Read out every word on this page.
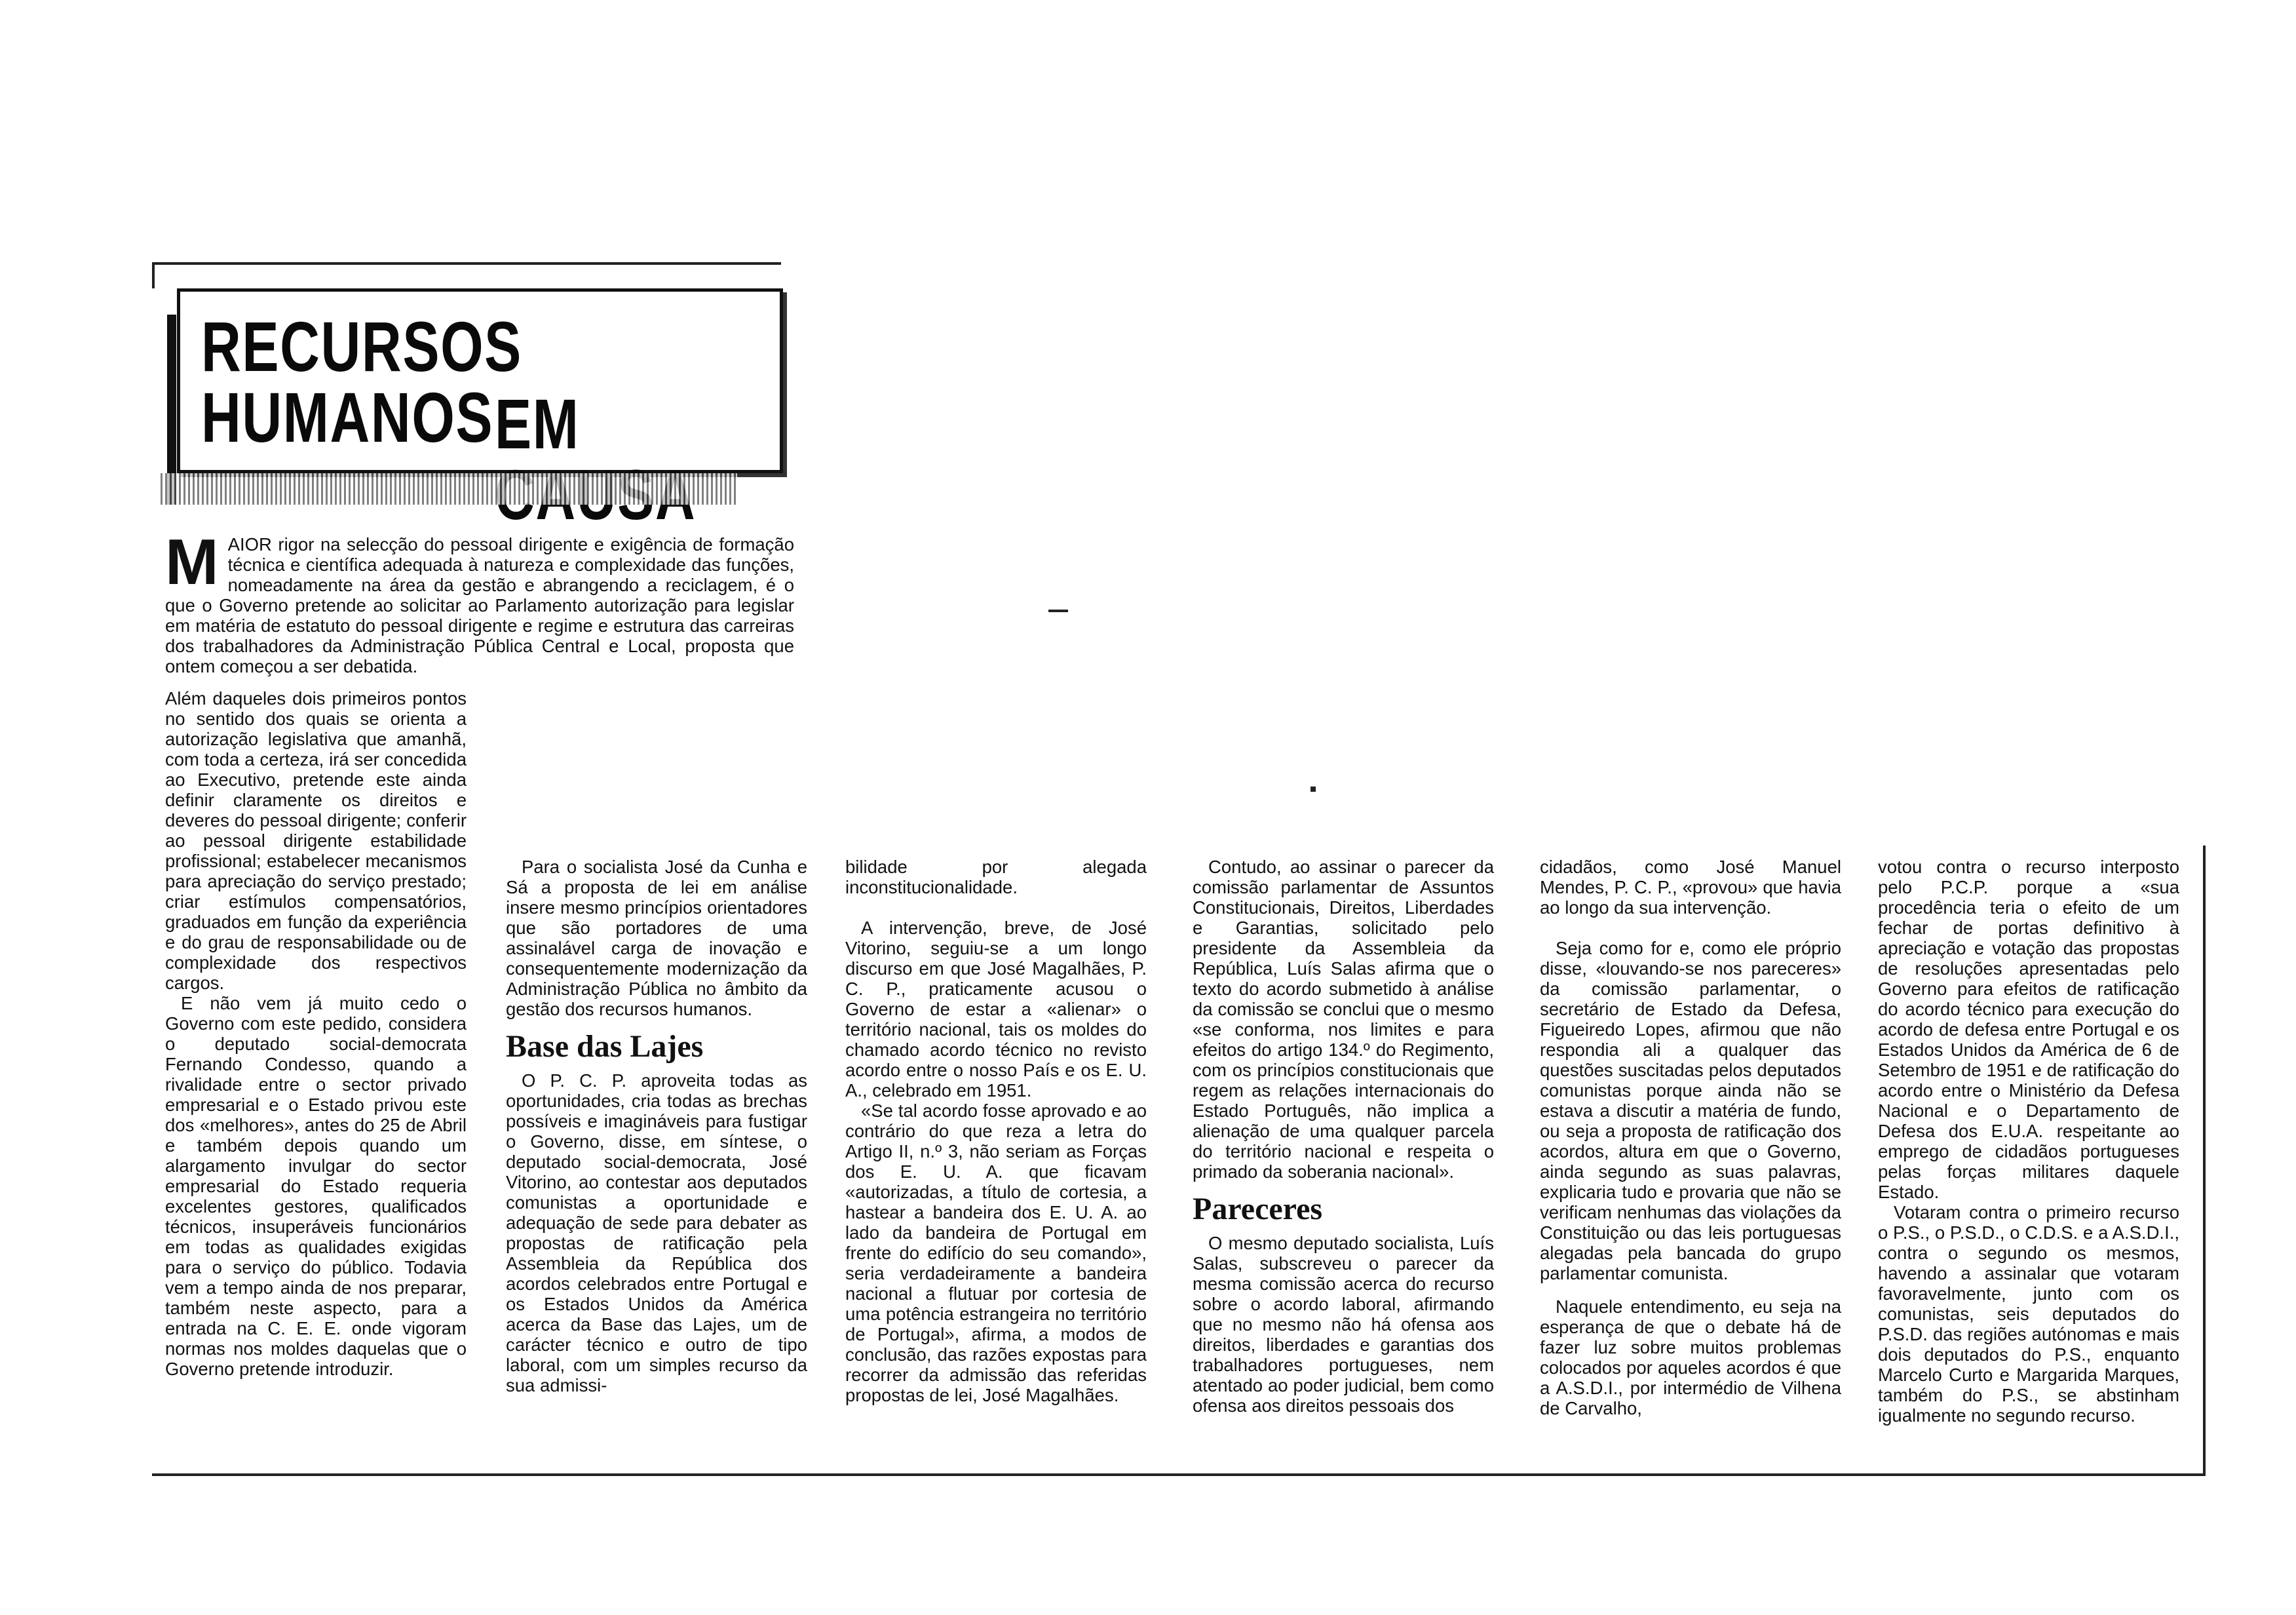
RECURSOS HUMANOS EM
MAIOR rigor na selecção do pessoal dirigente e exigência de formação técnica e científica adequada à natureza e complexidade das funções, nomeadamente na área da gestão e abrangendo a reciclagem, é o que o Governo pretende ao solicitar ao Parlamento autorização para legislar em matéria de estatuto do pessoal dirigente e regime e estrutura das carreiras dos trabalhadores da Administração Pública Central e Local, proposta que ontem começou a ser debatida.

Além daqueles dois primeiros pontos no sentido dos quais se orienta a autorização legislativa que amanhã, com toda a certeza, irá ser concedida ao Executivo, pretende este ainda definir claramente os direitos e deveres do pessoal dirigente; conferir ao pessoal dirigente estabilidade profissional; estabelecer mecanismos para apreciação do serviço prestado; criar estímulos compensatórios, graduados em função da experiência e do grau de responsabilidade ou de complexidade dos respectivos cargos.

E não vem já muito cedo o Governo com este pedido, considera o deputado social-democrata Fernando Condesso, quando a rivalidade entre o sector privado empresarial e o Estado privou este dos «melhores», antes do 25 de Abril e também depois quando um alargamento invulgar do sector empresarial do Estado requeria excelentes gestores, qualificados técnicos, insuperáveis funcionários em todas as qualidades exigidas para o serviço do público. Todavia vem a tempo ainda de nos preparar, também neste aspecto, para a entrada na C. E. E. onde vigoram normas nos moldes daquelas que o Governo pretende introduzir.

Para o socialista José da Cunha e Sá a proposta de lei em análise insere mesmo princípios orientadores que são portadores de uma assinalável carga de inovação e consequentemente modernização da Administração Pública no âmbito da gestão dos recursos humanos.

Base das Lajes

O P. C. P. aproveita todas as oportunidades, cria todas as brechas possíveis e imagináveis para fustigar o Governo, disse, em síntese, o deputado social-democrata, José Vitorino, ao contestar aos deputados comunistas a oportunidade e adequação de sede para debater as propostas de ratificação pela Assembleia da República dos acordos celebrados entre Portugal e os Estados Unidos da América acerca da Base das Lajes, um de carácter técnico e outro de tipo laboral, com um simples recurso da sua admissi-

bilidade por alegada inconstitucionalidade.

A intervenção, breve, de José Vitorino, seguiu-se a um longo discurso em que José Magalhães, P. C. P., praticamente acusou o Governo de estar a «alienar» o território nacional, tais os moldes do chamado acordo técnico no revisto acordo entre o nosso País e os E. U. A., celebrado em 1951.

«Se tal acordo fosse aprovado e ao contrário do que reza a letra do Artigo II, n.º 3, não seriam as Forças dos E. U. A. que ficavam «autorizadas, a título de cortesia, a hastear a bandeira dos E. U. A. ao lado da bandeira de Portugal em frente do edifício do seu comando», seria verdadeiramente a bandeira nacional a flutuar por cortesia de uma potência estrangeira no território de Portugal», afirma, a modos de conclusão, das razões expostas para recorrer da admissão das referidas propostas de lei, José Magalhães.

Contudo, ao assinar o parecer da comissão parlamentar de Assuntos Constitucionais, Direitos, Liberdades e Garantias, solicitado pelo presidente da Assembleia da República, Luís Salas afirma que o texto do acordo submetido à análise da comissão se conclui que o mesmo «se conforma, nos limites e para efeitos do artigo 134.º do Regimento, com os princípios constitucionais que regem as relações internacionais do Estado Português, não implica a alienação de uma qualquer parcela do território nacional e respeita o primado da soberania nacional».

Pareceres

O mesmo deputado socialista, Luís Salas, subscreveu o parecer da mesma comissão acerca do recurso sobre o acordo laboral, afirmando que no mesmo não há ofensa aos direitos, liberdades e garantias dos trabalhadores portugueses, nem atentado ao poder judicial, bem como ofensa aos direitos pessoais dos

cidadãos, como José Manuel Mendes, P. C. P., «provou» que havia ao longo da sua intervenção.

Seja como for e, como ele próprio disse, «louvando-se nos pareceres» da comissão parlamentar, o secretário de Estado da Defesa, Figueiredo Lopes, afirmou que não respondia ali a qualquer das questões suscitadas pelos deputados comunistas porque ainda não se estava a discutir a matéria de fundo, ou seja a proposta de ratificação dos acordos, altura em que o Governo, ainda segundo as suas palavras, explicaria tudo e provaria que não se verificam nenhumas das violações da Constituição ou das leis portuguesas alegadas pela bancada do grupo parlamentar comunista.

Naquele entendimento, eu seja na esperança de que o debate há de fazer luz sobre muitos problemas colocados por aqueles acordos é que a A.S.D.I., por intermédio de Vilhena de Carvalho,

votou contra o recurso interposto pelo P.C.P. porque a «sua procedência teria o efeito de um fechar de portas definitivo à apreciação e votação das propostas de resoluções apresentadas pelo Governo para efeitos de ratificação do acordo técnico para execução do acordo de defesa entre Portugal e os Estados Unidos da América de 6 de Setembro de 1951 e de ratificação do acordo entre o Ministério da Defesa Nacional e o Departamento de Defesa dos E.U.A. respeitante ao emprego de cidadãos portugueses pelas forças militares daquele Estado.

Votaram contra o primeiro recurso o P.S., o P.S.D., o C.D.S. e a A.S.D.I., contra o segundo os mesmos, havendo a assinalar que votaram favoravelmente, junto com os comunistas, seis deputados do P.S.D. das regiões autónomas e mais dois deputados do P.S., enquanto Marcelo Curto e Margarida Marques, também do P.S., se abstinham igualmente no segundo recurso.
